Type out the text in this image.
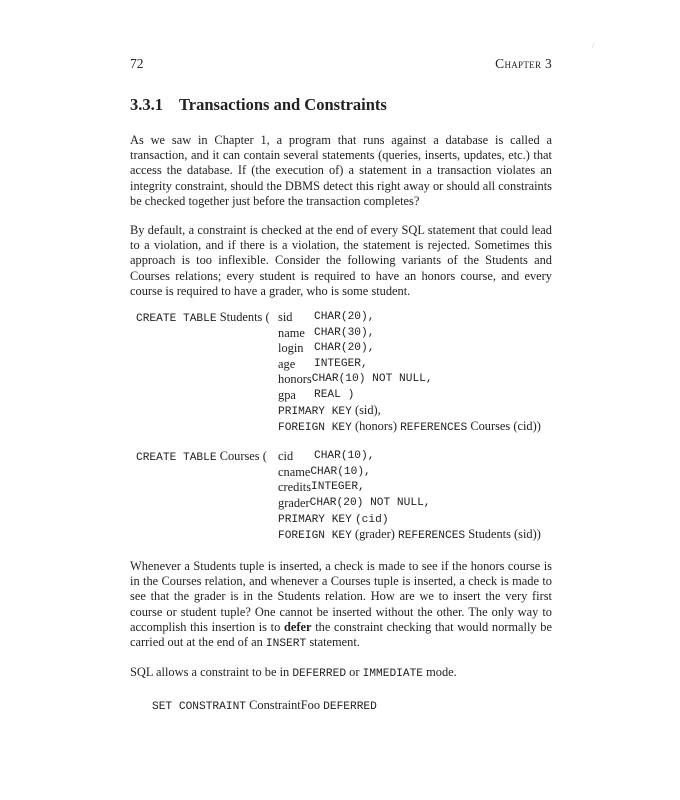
/
72	Chapter 3
3.3.1 Transactions and Constraints

As we saw in Chapter 1, a program that runs against a database is called a transaction, and it can contain several statements (queries, inserts, updates, etc.) that access the database. If (the execution of) a statement in a transaction violates an integrity constraint, should the DBMS detect this right away or should all constraints be checked together just before the transaction completes?

By default, a constraint is checked at the end of every SQL statement that could lead to a violation, and if there is a violation, the statement is rejected. Sometimes this approach is too inflexible. Consider the following variants of the Students and Courses relations; every student is required to have an honors course, and every course is required to have a grader, who is some student.

CREATE TABLE Students ( sid	CHAR(20),
name CHAR(30),
login CHAR(20),
age	INTEGER,
honors CHAR(10) NOT NULL,
gpa	REAL )
PRIMARY KEY (sid),
FOREIGN KEY (honors) REFERENCES Courses (cid))
CREATE TABLE Courses ( cid	CHAR(10),
cname CHAR(10),
credits INTEGER,
grader CHAR(20) NOT NULL,
PRIMARY KEY (cid)
FOREIGN KEY (grader) REFERENCES Students (sid))

Whenever a Students tuple is inserted, a check is made to see if the honors course is in the Courses relation, and whenever a Courses tuple is inserted, a check is made to see that the grader is in the Students relation. How are we to insert the very first course or student tuple? One cannot be inserted without the other. The only way to accomplish this insertion is to defer the constraint checking that would normally be carried out at the end of an INSERT statement.

SQL allows a constraint to be in DEFERRED or IMMEDIATE mode.

SET CONSTRAINT ConstraintFoo DEFERRED
